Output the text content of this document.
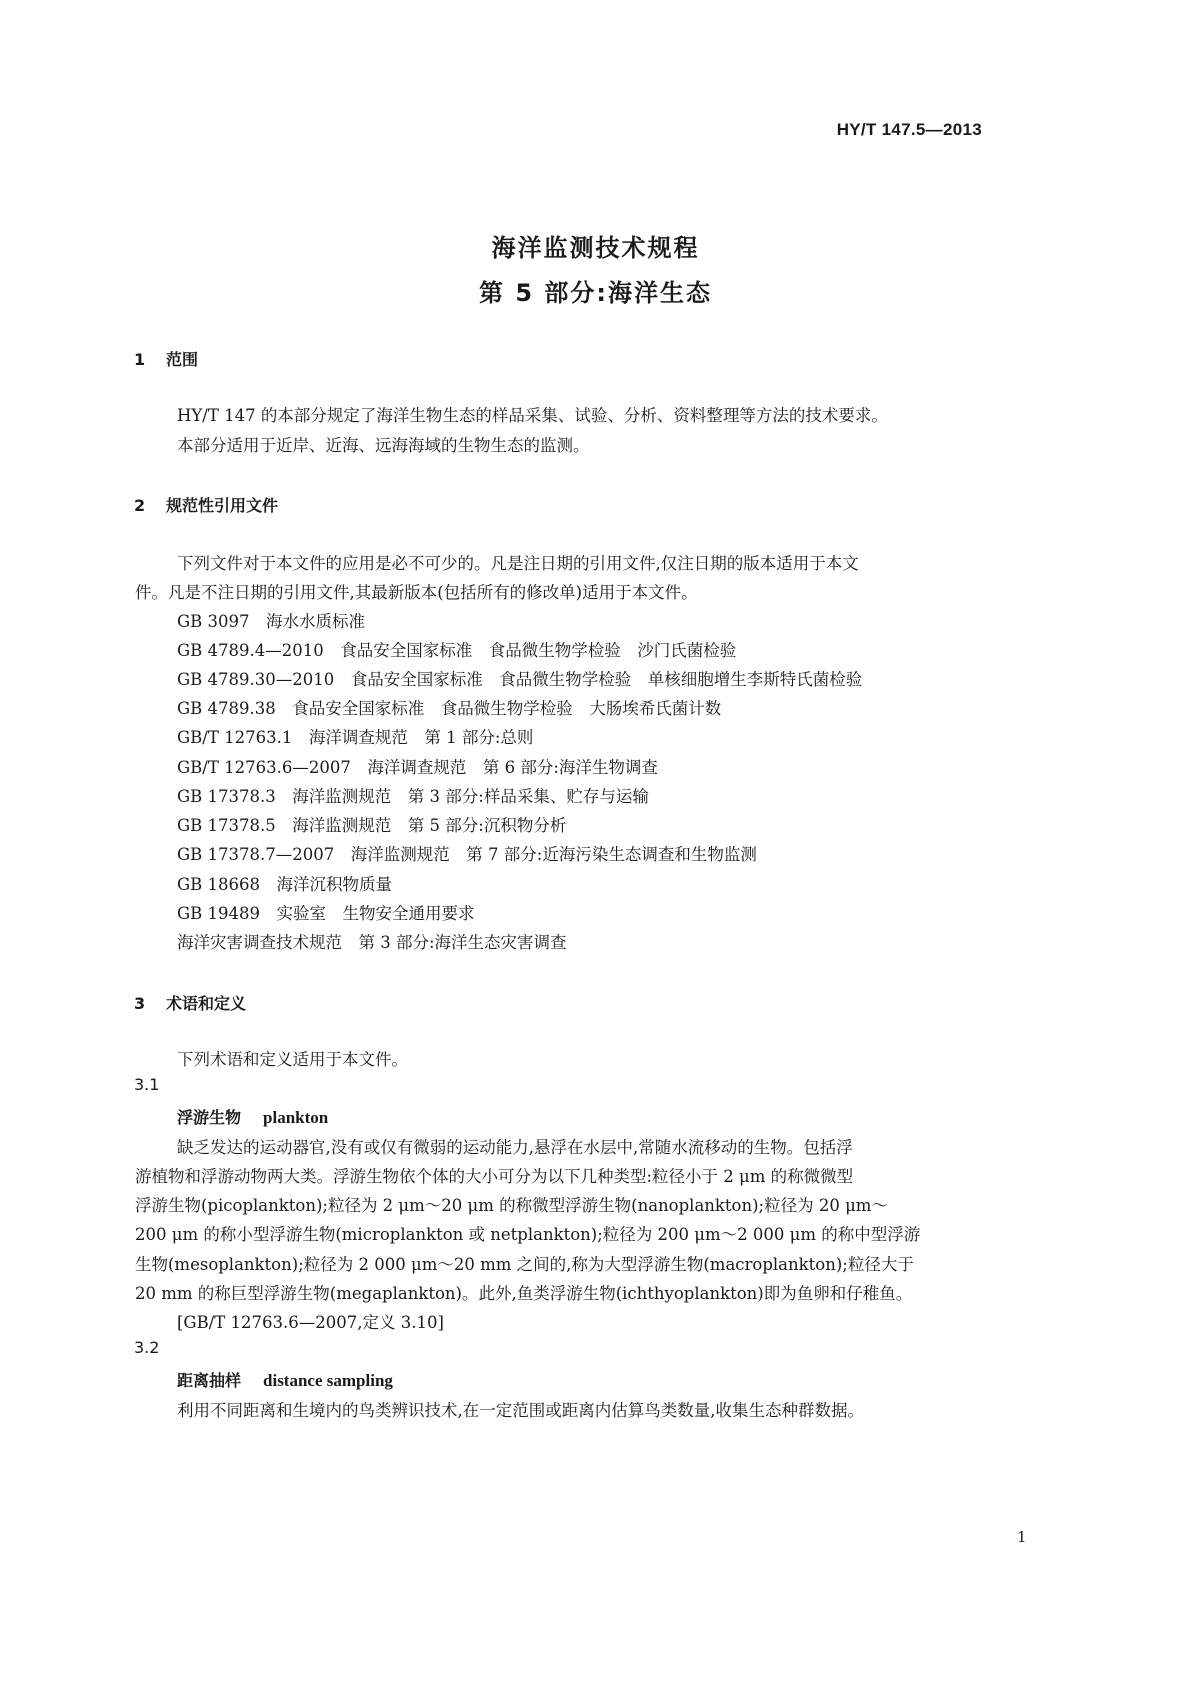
HY/T 147.5—2013
海洋监测技术规程
第 5 部分:海洋生态
1 范围
HY/T 147 的本部分规定了海洋生物生态的样品采集、试验、分析、资料整理等方法的技术要求。
本部分适用于近岸、近海、远海海域的生物生态的监测。
2 规范性引用文件
下列文件对于本文件的应用是必不可少的。凡是注日期的引用文件,仅注日期的版本适用于本文
件。凡是不注日期的引用文件,其最新版本(包括所有的修改单)适用于本文件。
GB 3097　海水水质标准
GB 4789.4—2010　食品安全国家标准　食品微生物学检验　沙门氏菌检验
GB 4789.30—2010　食品安全国家标准　食品微生物学检验　单核细胞增生李斯特氏菌检验
GB 4789.38　食品安全国家标准　食品微生物学检验　大肠埃希氏菌计数
GB/T 12763.1　海洋调查规范　第 1 部分:总则
GB/T 12763.6—2007　海洋调查规范　第 6 部分:海洋生物调查
GB 17378.3　海洋监测规范　第 3 部分:样品采集、贮存与运输
GB 17378.5　海洋监测规范　第 5 部分:沉积物分析
GB 17378.7—2007　海洋监测规范　第 7 部分:近海污染生态调查和生物监测
GB 18668　海洋沉积物质量
GB 19489　实验室　生物安全通用要求
海洋灾害调查技术规范　第 3 部分:海洋生态灾害调查
3 术语和定义
下列术语和定义适用于本文件。
3.1
浮游生物 plankton
缺乏发达的运动器官,没有或仅有微弱的运动能力,悬浮在水层中,常随水流移动的生物。包括浮
游植物和浮游动物两大类。浮游生物依个体的大小可分为以下几种类型:粒径小于 2 μm 的称微微型
浮游生物(picoplankton);粒径为 2 μm～20 μm 的称微型浮游生物(nanoplankton);粒径为 20 μm～
200 μm 的称小型浮游生物(microplankton 或 netplankton);粒径为 200 μm～2 000 μm 的称中型浮游
生物(mesoplankton);粒径为 2 000 μm～20 mm 之间的,称为大型浮游生物(macroplankton);粒径大于
20 mm 的称巨型浮游生物(megaplankton)。此外,鱼类浮游生物(ichthyoplankton)即为鱼卵和仔稚鱼。
[GB/T 12763.6—2007,定义 3.10]
3.2
距离抽样 distance sampling
利用不同距离和生境内的鸟类辨识技术,在一定范围或距离内估算鸟类数量,收集生态种群数据。
1
